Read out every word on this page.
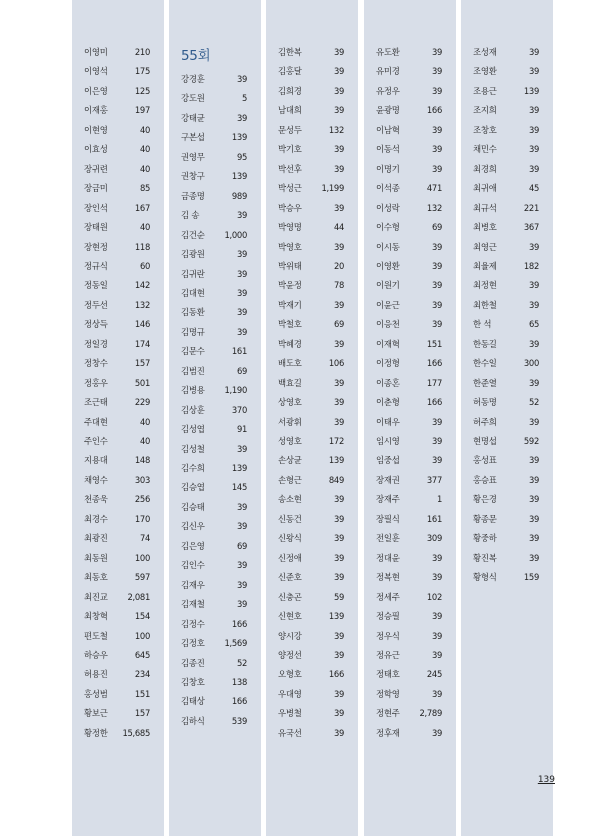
이영미	210
이영석	175
이은영	125
이재홍	197
이현영	40
이효성	40
장귀련	40
장금미	85
장인석	167
장태원	40
장현정	118
정규식	60
정동일	142
정두선	132
정상득	146
정일경	174
정창수	157
정홍우	501
조근태	229
주대현	40
주인수	40
지용대	148
채영수	303
천종욱	256
최경수	170
최광진	74
최동원	100
최동호	597
최진교 2,081
최창혁	154
편도철	100
하승우	645
허용진	234
홍성범	151
황보근	157
황정한 15,685
55회
강경훈	39
강도원	5
강태균	39
구본섭	139
권영무	95
권창구	139
금종명	989
김 송	39
김건순 1,000
김광원	39
김귀란	39
김대현	39
김동환	39
김명규	39
김문수	161
김범진	69
김병용 1,190
김상훈	370
김성엽	91
김성철	39
김수희	139
김승엽	145
김승태	39
김신우	39
김은영	69
김인수	39
김재우	39
김재철	39
김정수	166
김정호 1,569
김종진	52
김창호	138
김태상	166
김하식	539
김한복	39
김홍달	39
김희경	39
남대희	39
문성두	132
박기호	39
박선후	39
박성근 1,199
박승우	39
박영명	44
박영호	39
박위태	20
박윤정	78
박재기	39
박철호	69
박혜경	39
배도호	106
백효길	39
상영호	39
서광휘	39
성영호	172
손상균	139
손형근	849
송소현	39
신동건	39
신왕식	39
신정애	39
신준호	39
신충곤	59
신현호	139
양시강	39
양정선	39
오형호	166
우대영	39
우병철	39
유국선	39
유도환	39
유미경	39
유정우	39
윤광명	166
이남혁	39
이동석	39
이명기	39
이석종	471
이성락	132
이수형	69
이시동	39
이영환	39
이원기	39
이윤근	39
이응천	39
이재혁	151
이정형	166
이종혼	177
이춘형	166
이태우	39
임시영	39
임중섭	39
장재권	377
장재주	1
장필식	161
전일훈	309
정대윤	39
정복현	39
정세주	102
정승필	39
정우식	39
정유근	39
정태호	245
정학영	39
정현주 2,789
정후재	39
조성재	39
조영환	39
조용근	139
조지희	39
조창호	39
채민수	39
최경희	39
최귀애	45
최규석	221
최병호	367
최영근	39
최율제	182
최정현	39
최한철	39
한 석	65
한동길	39
한수일	300
한준열	39
허동명	52
허주희	39
현명섭	592
홍성표	39
홍승표	39
황은경	39
황종문	39
황중하	39
황진복	39
황형식	159
139
